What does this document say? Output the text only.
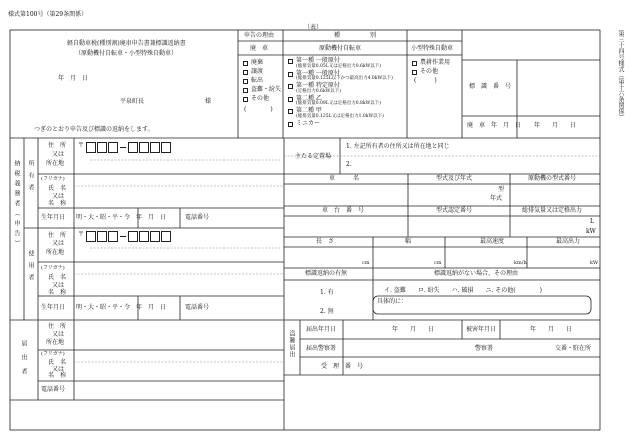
様式第100号（第29条関係）
（表）
第三十四号様式（第十六条関係）
軽自動車税(種別割)廃車申告書兼標識返納書
（原動機付自転車・小型特殊自動車）
年　月　日
平泉町長	様
つぎのとおり申告及び標識の返納をします。
申告の理由
廃　車
廃棄
譲渡
転出
盗難・紛失
その他
(　　　　)
種　　　　　別
原動機付自転車	小型特殊自動車
第一種 一般原付
(総排気量0.05L又は定格出力0.6kW以下)
第一種 一般原付
(総排気量0.125L以下かつ最高出力4.0kW以下)
第一種 特定原付
(定格出力0.6kW以下)
第二種 乙
(総排気量0.09L又は定格出力0.8kW以下)
第二種 甲
(総排気量0.125L又は定格出力1.0kW以下)
ミニカー
農耕作業用
その他
(　　　)
標　識　番　号
廃　車　年　月　日 年　　月　　日
納税義務者（申告） 所有者
使用者
届出者
住　所
又は
所在地
(フリガナ)
氏　名
又は
名　称
生年月日 明・大・昭・平・令　年　月　日	電話番号
〒
住　所
又は
所在地
(フリガナ)
氏　名
又は
名　称
生年月日 明・大・昭・平・令　年　月　日	電話番号
〒
主たる定置場
1. 左記所有者の住所又は所在地と同じ
2.
車　　　名	型式及び年式	原動機の型式番号
型
年式
車　台　番　号	型式認定番号	総排気量又は定格出力
L
kW
長　さ	幅	最高速度	最高出力
cm	cm	km/h	kW
標識返納の有無	標識返納がない場合、その理由
1. 有
2. 無
イ. 盗難　　ロ. 紛失　　ハ. 破損　　ニ. その他(　　　　)
具体的に：
住　所
又は
所在地
(フリガナ)
氏　名
又は
名　称
電話番号
盗難届出
届出年月日	年　　月　　日	被害年月日	年　　月　　日
届出警察署	警察署	交番・駐在所
受　理　番　号
